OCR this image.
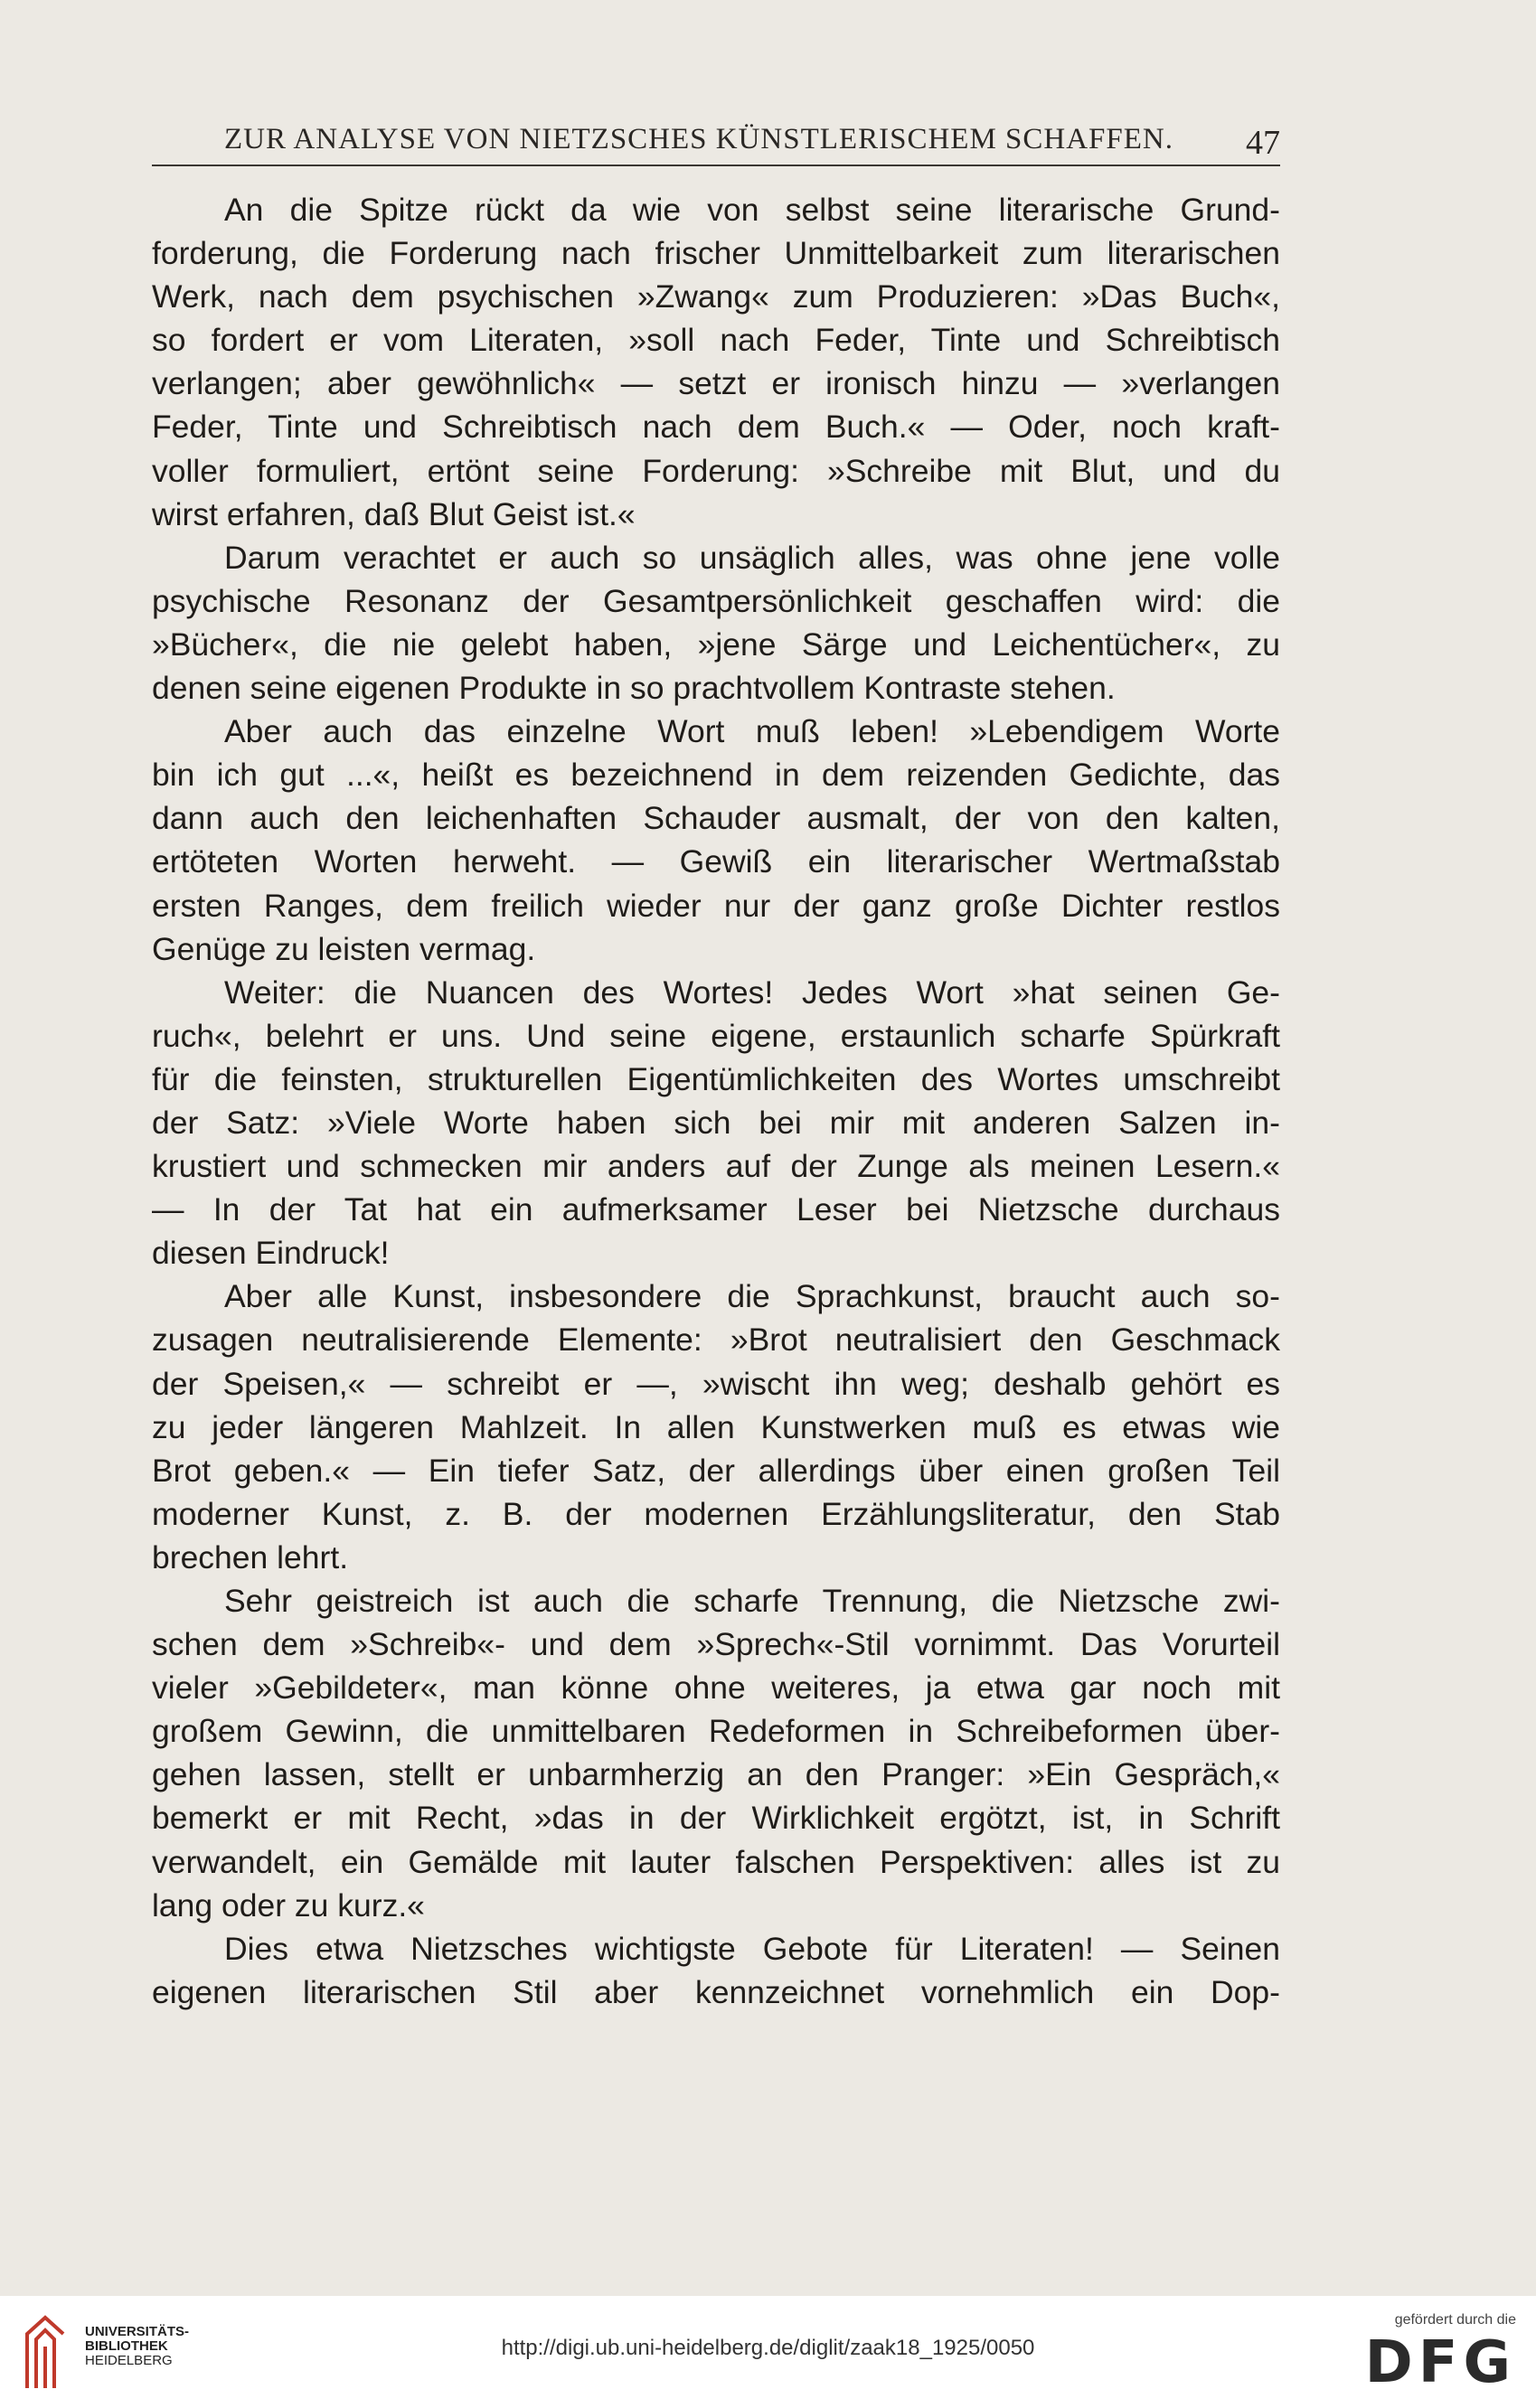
ZUR ANALYSE VON NIETZSCHES KÜNSTLERISCHEM SCHAFFEN. 47
An die Spitze rückt da wie von selbst seine literarische Grund-
forderung, die Forderung nach frischer Unmittelbarkeit zum literarischen
Werk, nach dem psychischen »Zwang« zum Produzieren: »Das Buch«,
so fordert er vom Literaten, »soll nach Feder, Tinte und Schreibtisch
verlangen; aber gewöhnlich« — setzt er ironisch hinzu — »verlangen
Feder, Tinte und Schreibtisch nach dem Buch.« — Oder, noch kraft-
voller formuliert, ertönt seine Forderung: »Schreibe mit Blut, und du
wirst erfahren, daß Blut Geist ist.«
Darum verachtet er auch so unsäglich alles, was ohne jene volle
psychische Resonanz der Gesamtpersönlichkeit geschaffen wird: die
»Bücher«, die nie gelebt haben, »jene Särge und Leichentücher«, zu
denen seine eigenen Produkte in so prachtvollem Kontraste stehen.
Aber auch das einzelne Wort muß leben! »Lebendigem Worte
bin ich gut ...«, heißt es bezeichnend in dem reizenden Gedichte, das
dann auch den leichenhaften Schauder ausmalt, der von den kalten,
ertöteten Worten herweht. — Gewiß ein literarischer Wertmaßstab
ersten Ranges, dem freilich wieder nur der ganz große Dichter restlos
Genüge zu leisten vermag.
Weiter: die Nuancen des Wortes! Jedes Wort »hat seinen Ge-
ruch«, belehrt er uns. Und seine eigene, erstaunlich scharfe Spürkraft
für die feinsten, strukturellen Eigentümlichkeiten des Wortes umschreibt
der Satz: »Viele Worte haben sich bei mir mit anderen Salzen in-
krustiert und schmecken mir anders auf der Zunge als meinen Lesern.«
— In der Tat hat ein aufmerksamer Leser bei Nietzsche durchaus
diesen Eindruck!
Aber alle Kunst, insbesondere die Sprachkunst, braucht auch so-
zusagen neutralisierende Elemente: »Brot neutralisiert den Geschmack
der Speisen,« — schreibt er —, »wischt ihn weg; deshalb gehört es
zu jeder längeren Mahlzeit. In allen Kunstwerken muß es etwas wie
Brot geben.« — Ein tiefer Satz, der allerdings über einen großen Teil
moderner Kunst, z. B. der modernen Erzählungsliteratur, den Stab
brechen lehrt.
Sehr geistreich ist auch die scharfe Trennung, die Nietzsche zwi-
schen dem »Schreib«- und dem »Sprech«-Stil vornimmt. Das Vorurteil
vieler »Gebildeter«, man könne ohne weiteres, ja etwa gar noch mit
großem Gewinn, die unmittelbaren Redeformen in Schreibeformen über-
gehen lassen, stellt er unbarmherzig an den Pranger: »Ein Gespräch,«
bemerkt er mit Recht, »das in der Wirklichkeit ergötzt, ist, in Schrift
verwandelt, ein Gemälde mit lauter falschen Perspektiven: alles ist zu
lang oder zu kurz.«
Dies etwa Nietzsches wichtigste Gebote für Literaten! — Seinen
eigenen literarischen Stil aber kennzeichnet vornehmlich ein Dop-
UNIVERSITÄTS-
BIBLIOTHEK
HEIDELBERG
http://digi.ub.uni-heidelberg.de/diglit/zaak18_1925/0050
gefördert durch die
DFG
